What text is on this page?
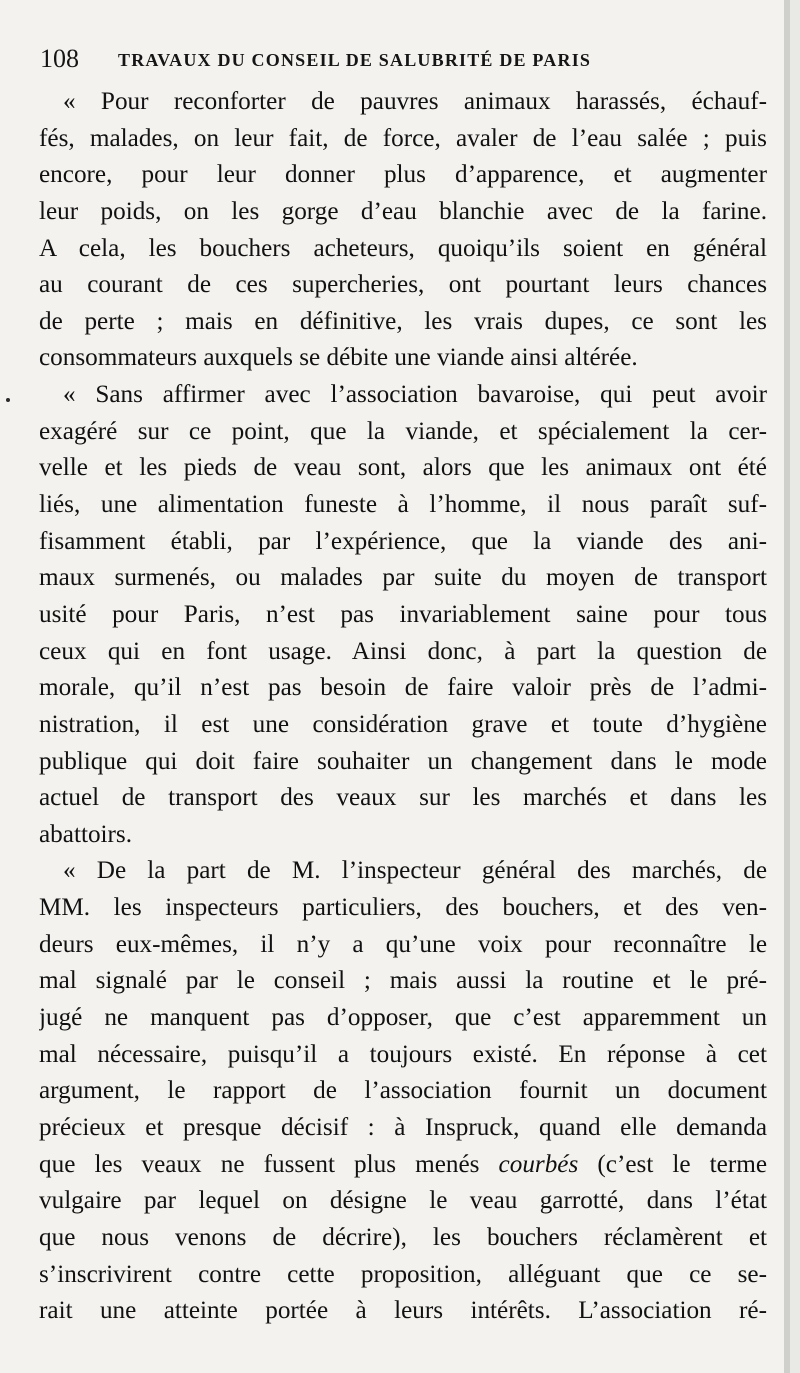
108 TRAVAUX DU CONSEIL DE SALUBRITÉ DE PARIS
« Pour reconforter de pauvres animaux harassés, échauf-
fés, malades, on leur fait, de force, avaler de l’eau salée ; puis
encore, pour leur donner plus d’apparence, et augmenter
leur poids, on les gorge d’eau blanchie avec de la farine.
A cela, les bouchers acheteurs, quoiqu’ils soient en général
au courant de ces supercheries, ont pourtant leurs chances
de perte ; mais en définitive, les vrais dupes, ce sont les
consommateurs auxquels se débite une viande ainsi altérée.
« Sans affirmer avec l’association bavaroise, qui peut avoir
exagéré sur ce point, que la viande, et spécialement la cer-
velle et les pieds de veau sont, alors que les animaux ont été
liés, une alimentation funeste à l’homme, il nous paraît suf-
fisamment établi, par l’expérience, que la viande des ani-
maux surmenés, ou malades par suite du moyen de transport
usité pour Paris, n’est pas invariablement saine pour tous
ceux qui en font usage. Ainsi donc, à part la question de
morale, qu’il n’est pas besoin de faire valoir près de l’admi-
nistration, il est une considération grave et toute d’hygiène
publique qui doit faire souhaiter un changement dans le mode
actuel de transport des veaux sur les marchés et dans les
abattoirs.
« De la part de M. l’inspecteur général des marchés, de
MM. les inspecteurs particuliers, des bouchers, et des ven-
deurs eux-mêmes, il n’y a qu’une voix pour reconnaître le
mal signalé par le conseil ; mais aussi la routine et le pré-
jugé ne manquent pas d’opposer, que c’est apparemment un
mal nécessaire, puisqu’il a toujours existé. En réponse à cet
argument, le rapport de l’association fournit un document
précieux et presque décisif : à Inspruck, quand elle demanda
que les veaux ne fussent plus menés courbés (c’est le terme
vulgaire par lequel on désigne le veau garrotté, dans l’état
que nous venons de décrire), les bouchers réclamèrent et
s’inscrivirent contre cette proposition, alléguant que ce se-
rait une atteinte portée à leurs intérêts. L’association ré-
